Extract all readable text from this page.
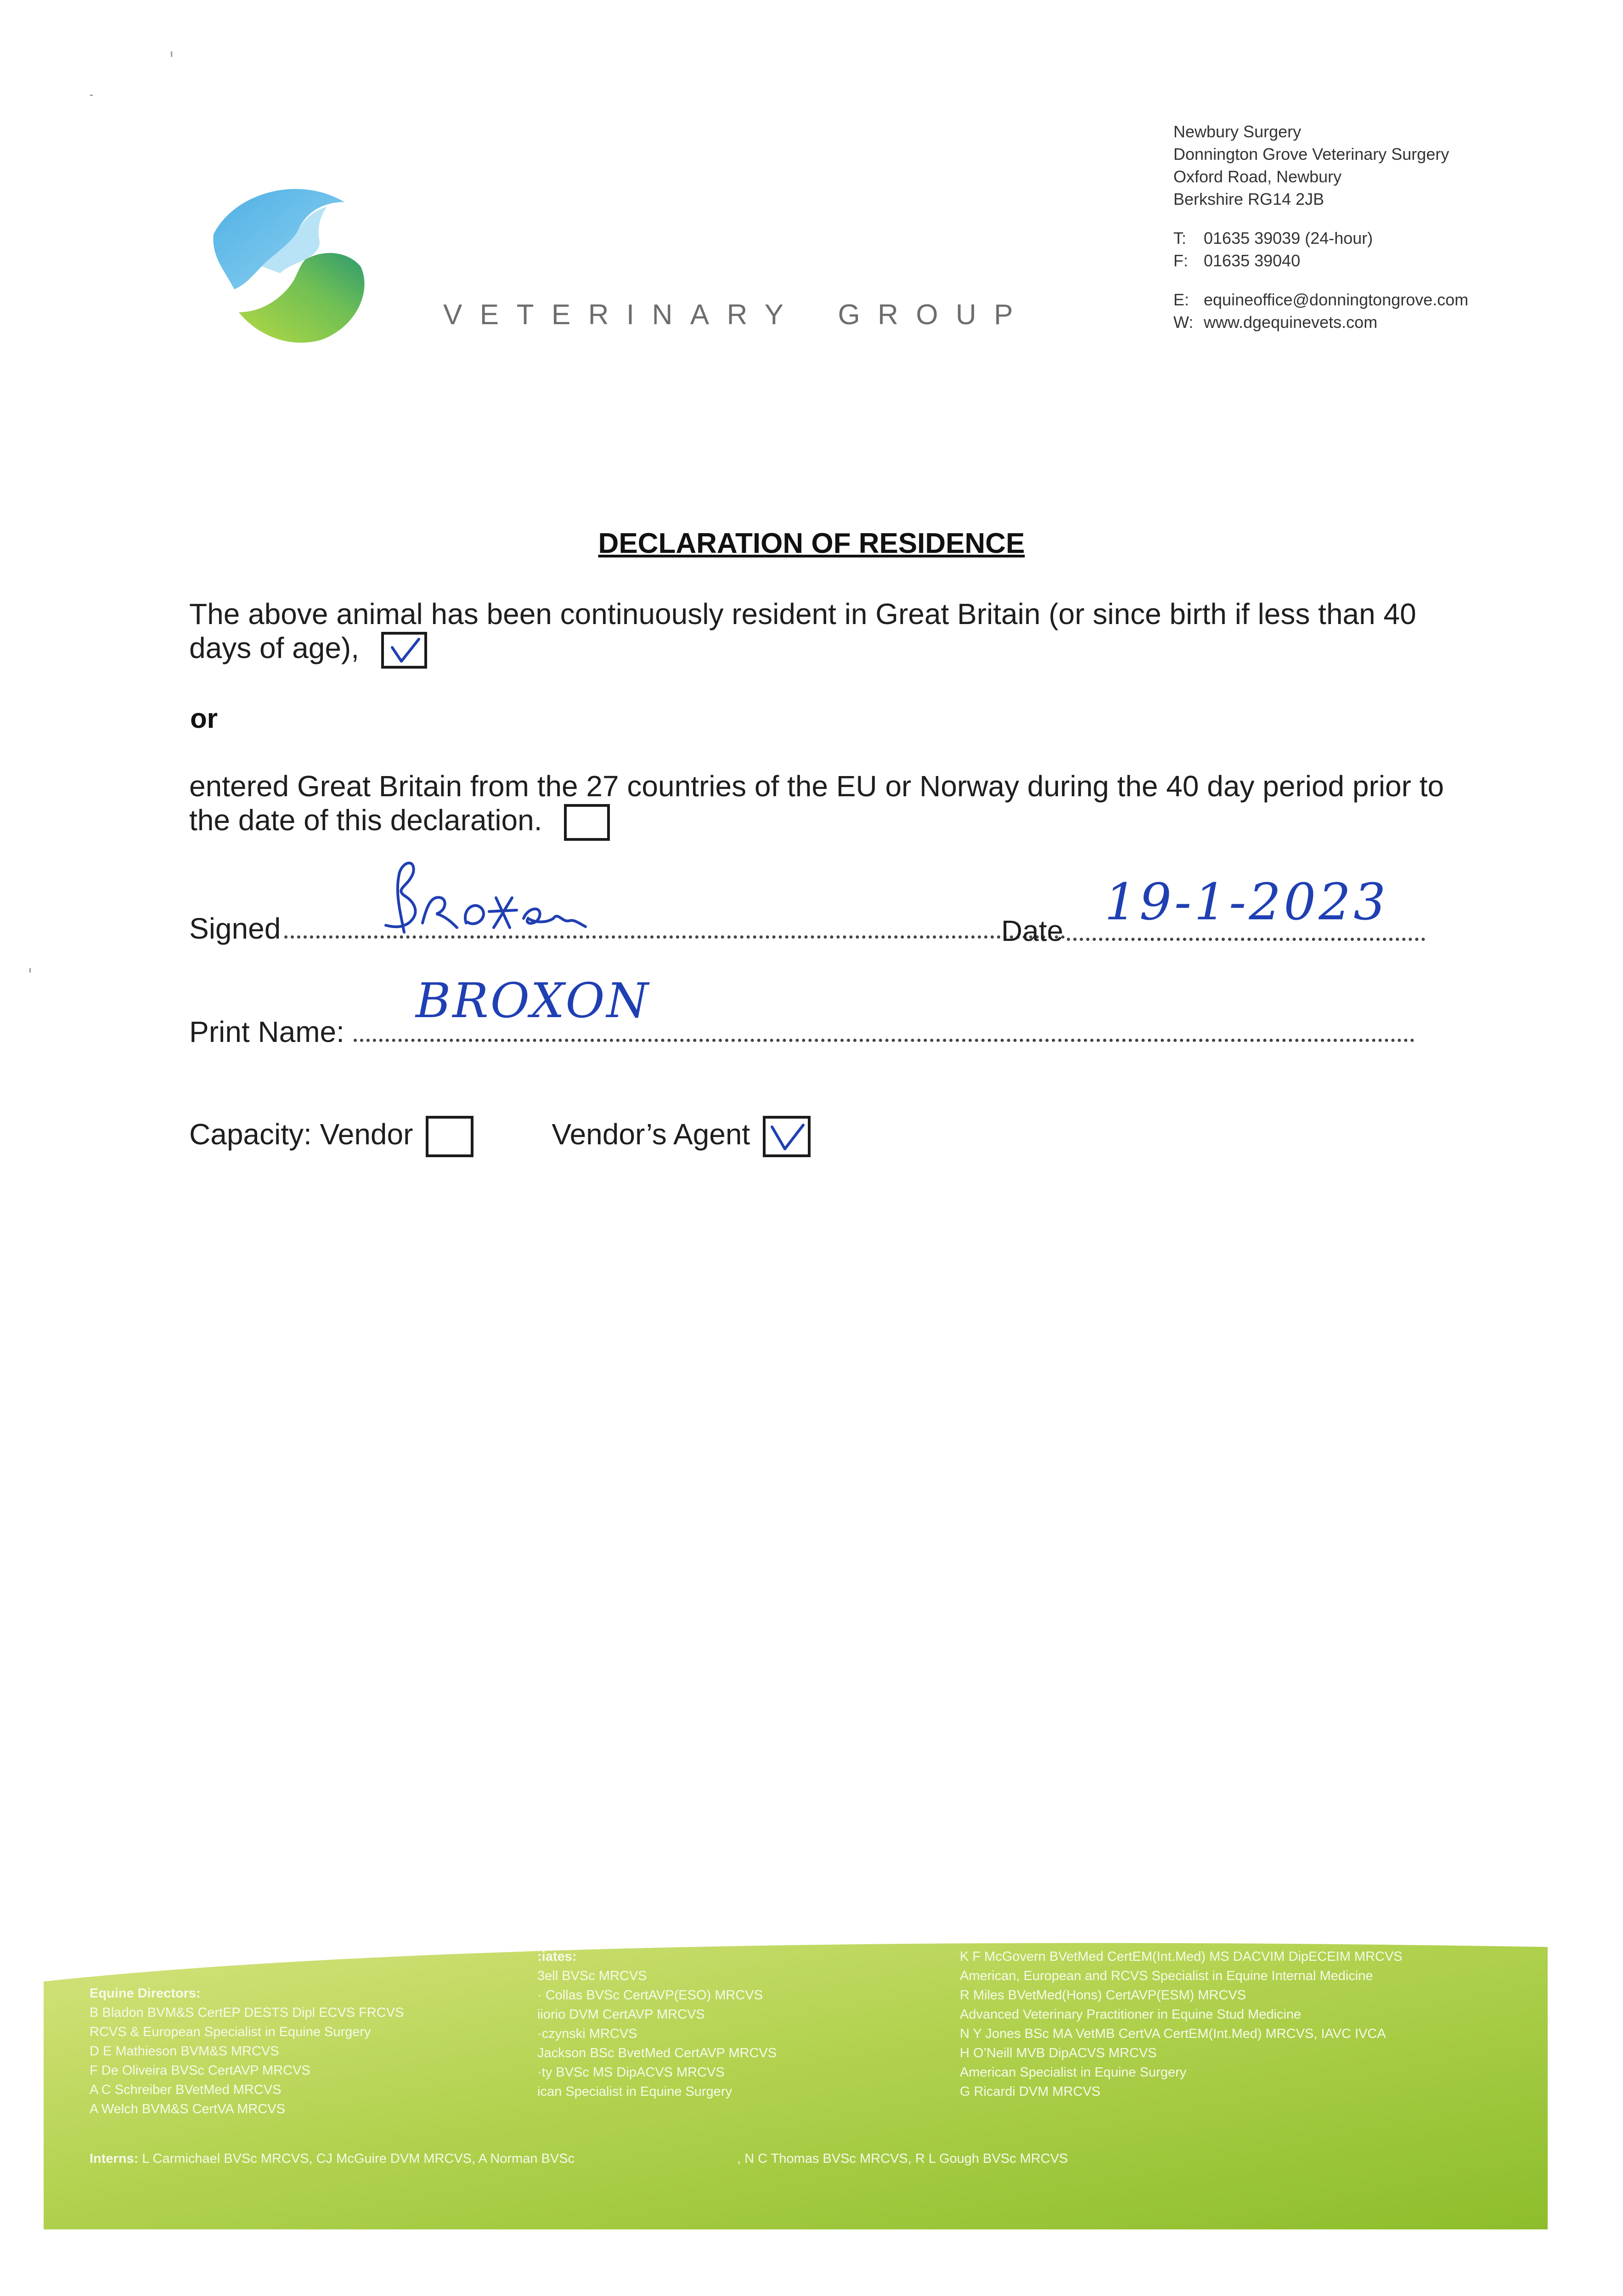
VETERINARY GROUP
Newbury Surgery
Donnington Grove Veterinary Surgery
Oxford Road, Newbury
Berkshire RG14 2JB
T: 01635 39039 (24-hour)
F: 01635 39040
E: equineoffice@donningtongrove.com
W: www.dgequinevets.com
DECLARATION OF RESIDENCE
The above animal has been continuously resident in Great Britain (or since birth if less than 40 days of age),
or
entered Great Britain from the 27 countries of the EU or Norway during the 40 day period prior to the date of this declaration.
Signed	Date 19-1-2023
Print Name:
BROXON
Capacity: Vendor	Vendor’s Agent
Equine Directors:
B Bladon BVM&S CertEP DESTS Dipl ECVS FRCVS
RCVS & European Specialist in Equine Surgery
D E Mathieson BVM&S MRCVS
F De Oliveira BVSc CertAVP MRCVS
A C Schreiber BVetMed MRCVS
A Welch BVM&S CertVA MRCVS
:iates:
3ell BVSc MRCVS
· Collas BVSc CertAVP(ESO) MRCVS
iiorio DVM CertAVP MRCVS
·czynski MRCVS
Jackson BSc BvetMed CertAVP MRCVS
·ty BVSc MS DipACVS MRCVS
ican Specialist in Equine Surgery
K F McGovern BVetMed CertEM(Int.Med) MS DACVIM DipECEIM MRCVS
American, European and RCVS Specialist in Equine Internal Medicine
R Miles BVetMed(Hons) CertAVP(ESM) MRCVS
Advanced Veterinary Practitioner in Equine Stud Medicine
N Y Jones BSc MA VetMB CertVA CertEM(Int.Med) MRCVS, IAVC IVCA
H O’Neill MVB DipACVS MRCVS
American Specialist in Equine Surgery
G Ricardi DVM MRCVS
Interns: L Carmichael BVSc MRCVS, CJ McGuire DVM MRCVS, A Norman BVSc	, N C Thomas BVSc MRCVS, R L Gough BVSc MRCVS
